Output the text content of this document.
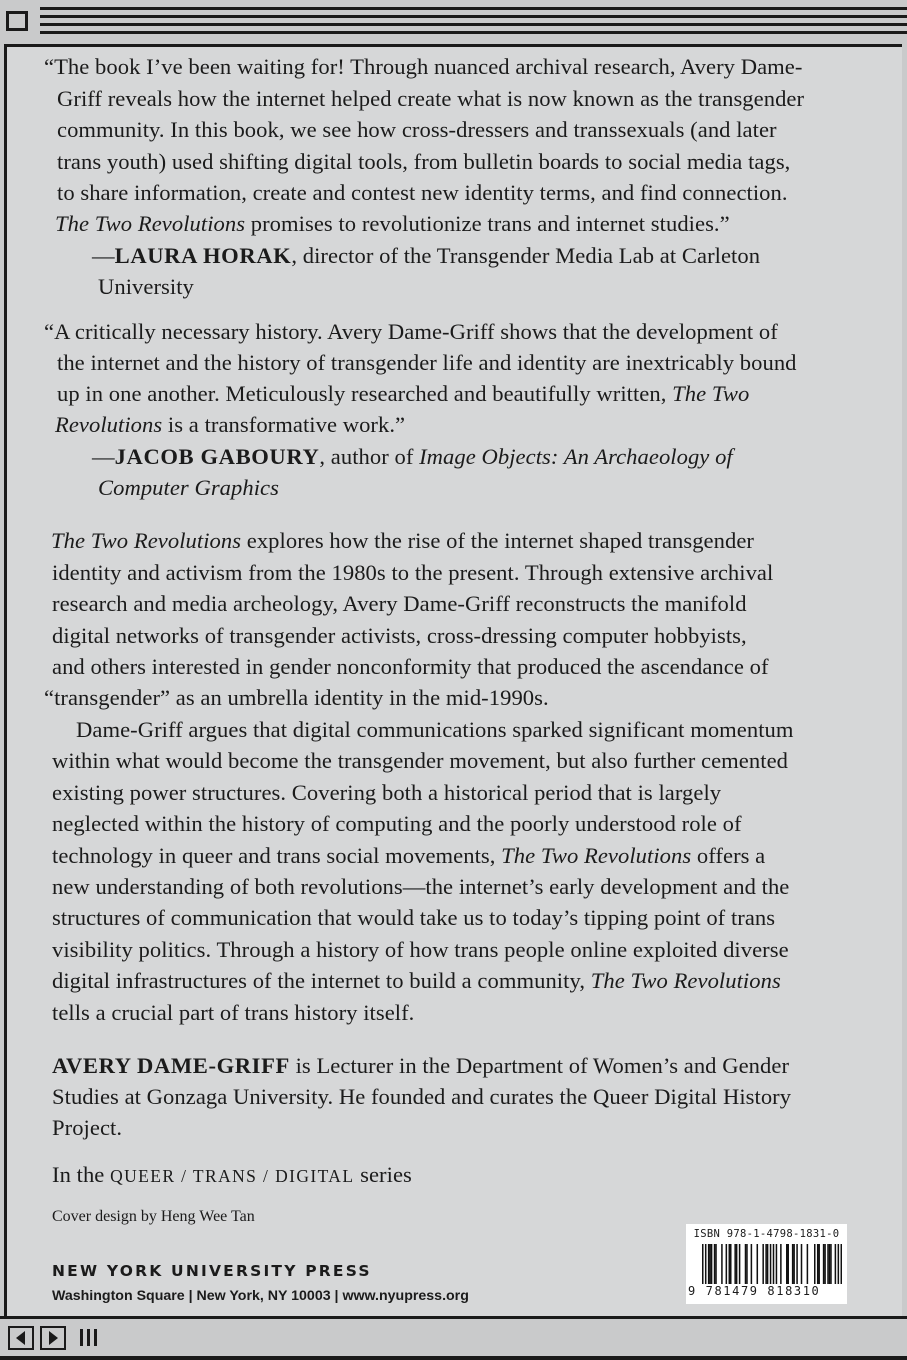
“The book I’ve been waiting for! Through nuanced archival research, Avery Dame-
Griff reveals how the internet helped create what is now known as the transgender
community. In this book, we see how cross-dressers and transsexuals (and later
trans youth) used shifting digital tools, from bulletin boards to social media tags,
to share information, create and contest new identity terms, and find connection.
The Two Revolutions promises to revolutionize trans and internet studies.”
—LAURA HORAK, director of the Transgender Media Lab at Carleton
University
“A critically necessary history. Avery Dame-Griff shows that the development of
the internet and the history of transgender life and identity are inextricably bound
up in one another. Meticulously researched and beautifully written, The Two
Revolutions is a transformative work.”
—JACOB GABOURY, author of Image Objects: An Archaeology of
Computer Graphics
The Two Revolutions explores how the rise of the internet shaped transgender
identity and activism from the 1980s to the present. Through extensive archival
research and media archeology, Avery Dame-Griff reconstructs the manifold
digital networks of transgender activists, cross-dressing computer hobbyists,
and others interested in gender nonconformity that produced the ascendance of
“transgender” as an umbrella identity in the mid-1990s.
Dame-Griff argues that digital communications sparked significant momentum
within what would become the transgender movement, but also further cemented
existing power structures. Covering both a historical period that is largely
neglected within the history of computing and the poorly understood role of
technology in queer and trans social movements, The Two Revolutions offers a
new understanding of both revolutions—the internet’s early development and the
structures of communication that would take us to today’s tipping point of trans
visibility politics. Through a history of how trans people online exploited diverse
digital infrastructures of the internet to build a community, The Two Revolutions
tells a crucial part of trans history itself.
AVERY DAME-GRIFF is Lecturer in the Department of Women’s and Gender
Studies at Gonzaga University. He founded and curates the Queer Digital History
Project.
In the QUEER / TRANS / DIGITAL series
Cover design by Heng Wee Tan
NEW YORK UNIVERSITY PRESS
Washington Square | New York, NY 10003 | www.nyupress.org
ISBN 978-1-4798-1831-0
9 781479 818310
